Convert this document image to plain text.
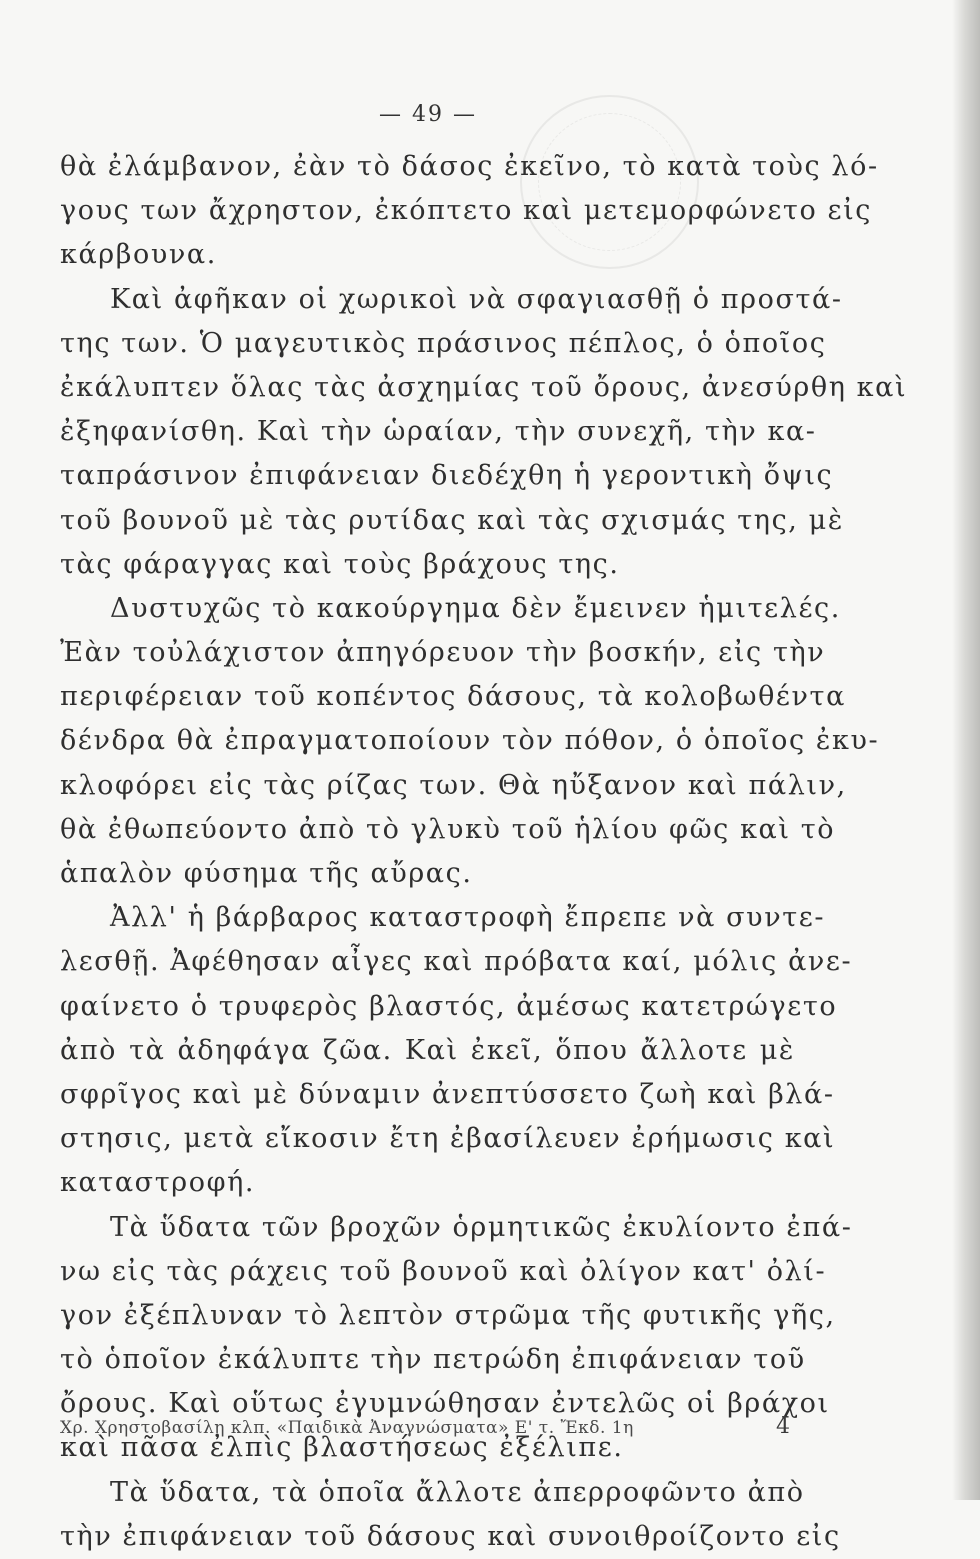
— 49 —
θὰ ἐλάμβανον, ἐὰν τὸ δάσος ἐκεῖνο, τὸ κατὰ τοὺς λό-
γους των ἄχρηστον, ἐκόπτετο καὶ μετεμορφώνετο εἰς
κάρβουνα.
Καὶ ἀφῆκαν οἱ χωρικοὶ νὰ σφαγιασθῇ ὁ προστά-
της των. Ὁ μαγευτικὸς πράσινος πέπλος, ὁ ὁποῖος
ἐκάλυπτεν ὅλας τὰς ἀσχημίας τοῦ ὄρους, ἀνεσύρθη καὶ
ἐξηφανίσθη. Καὶ τὴν ὡραίαν, τὴν συνεχῆ, τὴν κα-
ταπράσινον ἐπιφάνειαν διεδέχθη ἡ γεροντικὴ ὄψις
τοῦ βουνοῦ μὲ τὰς ρυτίδας καὶ τὰς σχισμάς της, μὲ
τὰς φάραγγας καὶ τοὺς βράχους της.
Δυστυχῶς τὸ κακούργημα δὲν ἔμεινεν ἡμιτελές.
Ἐὰν τοὐλάχιστον ἀπηγόρευον τὴν βοσκήν, εἰς τὴν
περιφέρειαν τοῦ κοπέντος δάσους, τὰ κολοβωθέντα
δένδρα θὰ ἐπραγματοποίουν τὸν πόθον, ὁ ὁποῖος ἐκυ-
κλοφόρει εἰς τὰς ρίζας των. Θὰ ηὔξανον καὶ πάλιν,
θὰ ἐθωπεύοντο ἀπὸ τὸ γλυκὺ τοῦ ἡλίου φῶς καὶ τὸ
ἁπαλὸν φύσημα τῆς αὔρας.
Ἀλλ' ἡ βάρβαρος καταστροφὴ ἔπρεπε νὰ συντε-
λεσθῇ. Ἀφέθησαν αἶγες καὶ πρόβατα καί, μόλις ἀνε-
φαίνετο ὁ τρυφερὸς βλαστός, ἀμέσως κατετρώγετο
ἀπὸ τὰ ἀδηφάγα ζῶα. Καὶ ἐκεῖ, ὅπου ἄλλοτε μὲ
σφρῖγος καὶ μὲ δύναμιν ἀνεπτύσσετο ζωὴ καὶ βλά-
στησις, μετὰ εἴκοσιν ἔτη ἐβασίλευεν ἐρήμωσις καὶ
καταστροφή.
Τὰ ὕδατα τῶν βροχῶν ὁρμητικῶς ἐκυλίοντο ἐπά-
νω εἰς τὰς ράχεις τοῦ βουνοῦ καὶ ὀλίγον κατ' ὀλί-
γον ἐξέπλυναν τὸ λεπτὸν στρῶμα τῆς φυτικῆς γῆς,
τὸ ὁποῖον ἐκάλυπτε τὴν πετρώδη ἐπιφάνειαν τοῦ
ὄρους. Καὶ οὕτως ἐγυμνώθησαν ἐντελῶς οἱ βράχοι
καὶ πᾶσα ἐλπὶς βλαστήσεως ἐξέλιπε.
Τὰ ὕδατα, τὰ ὁποῖα ἄλλοτε ἀπερροφῶντο ἀπὸ
τὴν ἐπιφάνειαν τοῦ δάσους καὶ συνοιθροίζοντο εἰς
Χρ. Χρηστοβασίλη κλπ. «Παιδικὰ Ἀναγνώσματα» Ε' τ. Ἔκδ. 1η	4
